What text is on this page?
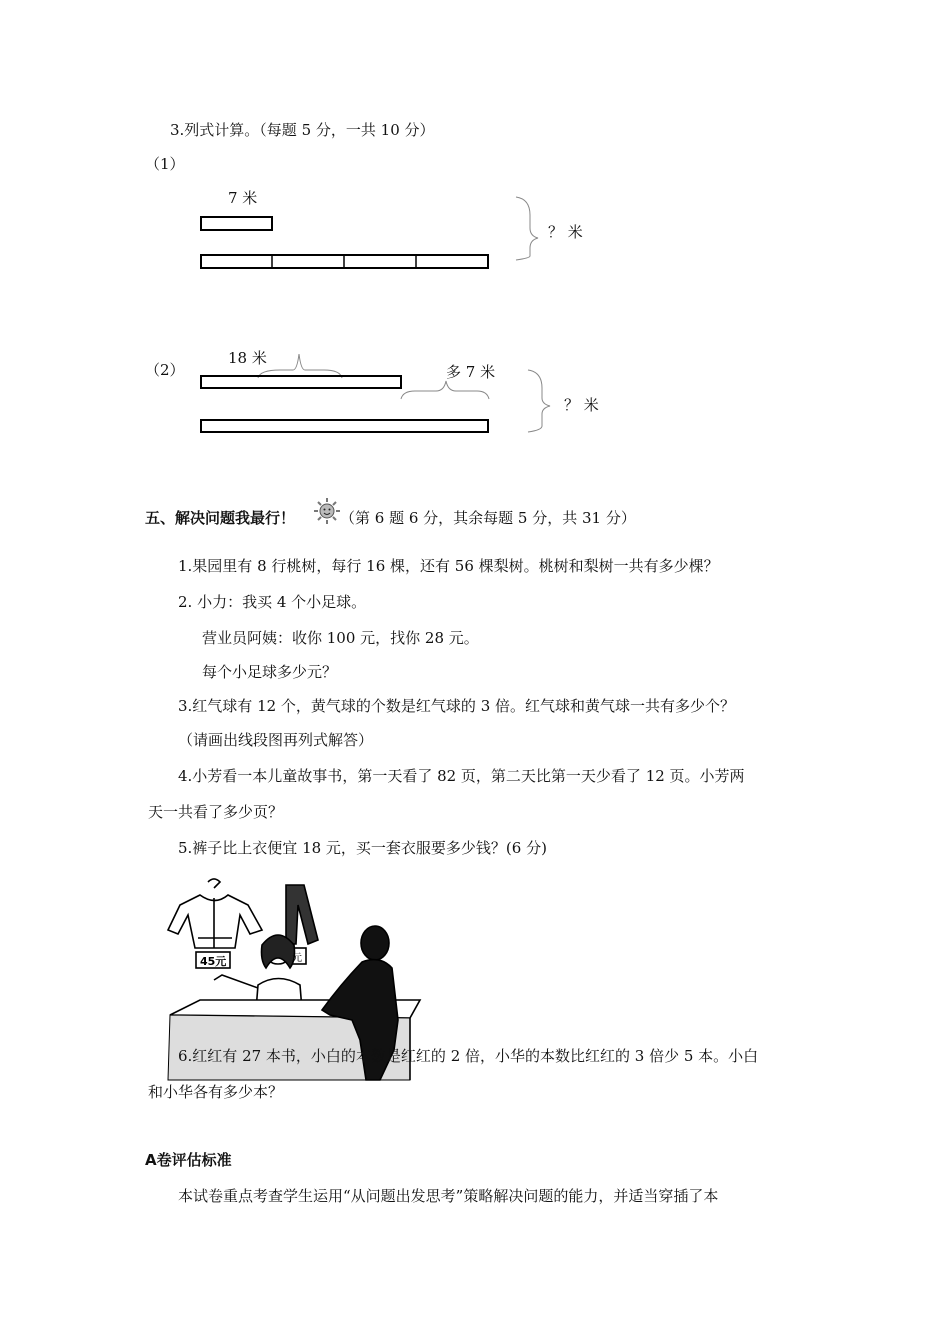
3.列式计算。（每题 5 分，一共 10 分）
（1）
7 米
？ 米
（2）
18 米
多 7 米
？ 米
五、解决问题我最行！	（第 6 题 6 分，其余每题 5 分，共 31 分）
1.果园里有 8 行桃树，每行 16 棵，还有 56 棵梨树。桃树和梨树一共有多少棵？
2. 小力：我买 4 个小足球。
营业员阿姨：收你 100 元，找你 28 元。
每个小足球多少元？
3.红气球有 12 个，黄气球的个数是红气球的 3 倍。红气球和黄气球一共有多少个？
（请画出线段图再列式解答）
4.小芳看一本儿童故事书，第一天看了 82 页，第二天比第一天少看了 12 页。小芳两
天一共看了多少页？
5.裤子比上衣便宜 18 元，买一套衣服要多少钱？(6 分)
45元	元
6.红红有 27 本书，小白的本数是红红的 2 倍，小华的本数比红红的 3 倍少 5 本。小白
和小华各有多少本？
A卷评估标准
本试卷重点考查学生运用“从问题出发思考”策略解决问题的能力，并适当穿插了本
